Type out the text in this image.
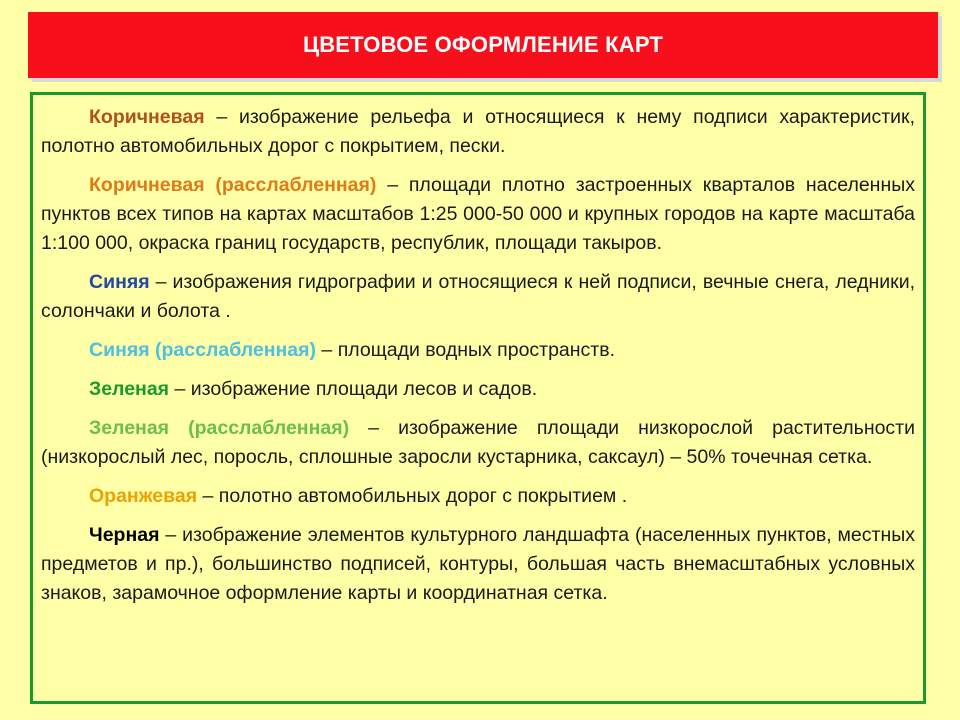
ЦВЕТОВОЕ ОФОРМЛЕНИЕ КАРТ

Коричневая – изображение рельефа и относящиеся к нему подписи характеристик, полотно автомобильных дорог с покрытием, пески.

Коричневая (расслабленная) – площади плотно застроенных кварталов населенных пунктов всех типов на картах масштабов 1:25 000-50 000 и крупных городов на карте масштаба 1:100 000, окраска границ государств, республик, площади такыров.

Синяя – изображения гидрографии и относящиеся к ней подписи, вечные снега, ледники, солончаки и болота .

Синяя (расслабленная) – площади водных пространств.

Зеленая – изображение площади лесов и садов.

Зеленая (расслабленная) – изображение площади низкорослой растительности (низкорослый лес, поросль, сплошные заросли кустарника, саксаул) – 50% точечная сетка.

Оранжевая – полотно автомобильных дорог с покрытием .

Черная – изображение элементов культурного ландшафта (населенных пунктов, местных предметов и пр.), большинство подписей, контуры, большая часть внемасштабных условных знаков, зарамочное оформление карты и координатная сетка.
